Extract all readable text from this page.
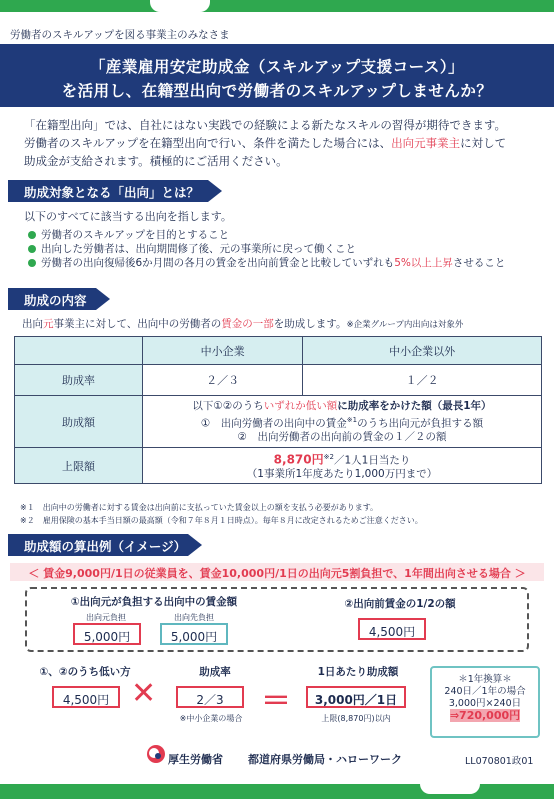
労働者のスキルアップを図る事業主のみなさま
「産業雇用安定助成金（スキルアップ支援コース）」
を活用し、在籍型出向で労働者のスキルアップしませんか？
「在籍型出向」では、自社にはない実践での経験による新たなスキルの習得が期待できます。
労働者のスキルアップを在籍型出向で行い、条件を満たした場合には、出向元事業主に対して
助成金が支給されます。積極的にご活用ください。
助成対象となる「出向」とは？
以下のすべてに該当する出向を指します。
労働者のスキルアップを目的とすること
出向した労働者は、出向期間修了後、元の事業所に戻って働くこと
労働者の出向復帰後6か月間の各月の賃金を出向前賃金と比較していずれも5%以上上昇させること
助成の内容
出向元事業主に対して、出向中の労働者の賃金の一部を助成します。※企業グループ内出向は対象外
	中小企業	中小企業以外
助成率	２／３	１／２
助成額	以下①②のうちいずれか低い額に助成率をかけた額（最長1年）
①　出向労働者の出向中の賃金$^{※1}$のうち出向元が負担する額
②　出向労働者の出向前の賃金の１／２の額	

上限額	8,870円$^{※2}$／1人1日当たり
（1事業所1年度あたり1,000万円まで）	
※１　出向中の労働者に対する賃金は出向前に支払っていた賃金以上の額を支払う必要があります。
※２　雇用保険の基本手当日額の最高額（令和７年８月１日時点）。毎年８月に改定されるためご注意ください。
助成額の算出例（イメージ）
＜ 賃金9,000円/1日の従業員を、賃金10,000円/1日の出向元5割負担で、1年間出向させる場合 ＞
①出向元が負担する出向中の賃金額
出向元負担	出向先負担
5,000円	5,000円
②出向前賃金の1/2の額
4,500円
①、②のうち低い方
4,500円 ✕
助成率
2／3
※中小企業の場合 ＝
1日あたり助成額
3,000円／1日
上限(8,870円)以内
＊1年換算＊
240日／1年の場合
3,000円×240日
⇒720,000円
厚生労働省 都道府県労働局・ハローワーク	LL070801政01
